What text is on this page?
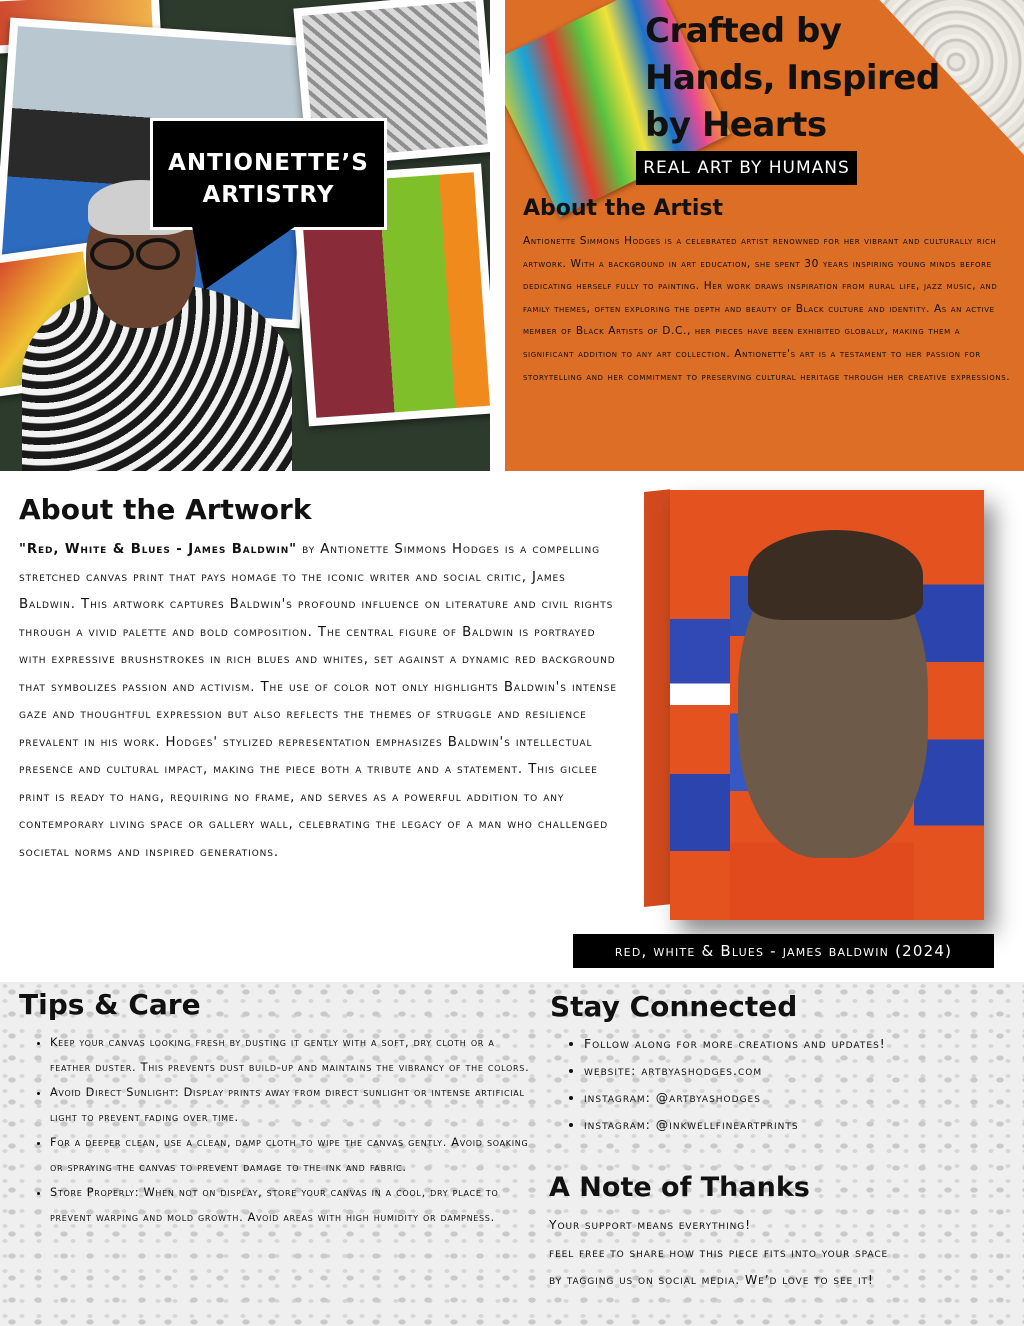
ANTIONETTE’S
ARTISTRY
Crafted by Hands, Inspired by Hearts
REAL ART BY HUMANS
About the Artist
Antionette Simmons Hodges is a celebrated artist renowned for her vibrant and culturally rich artwork. With a background in art education, she spent 30 years inspiring young minds before dedicating herself fully to painting. Her work draws inspiration from rural life, jazz music, and family themes, often exploring the depth and beauty of Black culture and identity. As an active member of Black Artists of D.C., her pieces have been exhibited globally, making them a significant addition to any art collection. Antionette's art is a testament to her passion for storytelling and her commitment to preserving cultural heritage through her creative expressions.
About the Artwork
"Red, White & Blues - James Baldwin" by Antionette Simmons Hodges is a compelling stretched canvas print that pays homage to the iconic writer and social critic, James Baldwin. This artwork captures Baldwin's profound influence on literature and civil rights through a vivid palette and bold composition. The central figure of Baldwin is portrayed with expressive brushstrokes in rich blues and whites, set against a dynamic red background that symbolizes passion and activism. The use of color not only highlights Baldwin's intense gaze and thoughtful expression but also reflects the themes of struggle and resilience prevalent in his work. Hodges' stylized representation emphasizes Baldwin's intellectual presence and cultural impact, making the piece both a tribute and a statement. This giclee print is ready to hang, requiring no frame, and serves as a powerful addition to any contemporary living space or gallery wall, celebrating the legacy of a man who challenged societal norms and inspired generations.
red, white & Blues - james baldwin (2024)
Tips & Care
• Keep your canvas looking fresh by dusting it gently with a soft, dry cloth or a feather duster. This prevents dust build-up and maintains the vibrancy of the colors.
• Avoid Direct Sunlight: Display prints away from direct sunlight or intense artificial light to prevent fading over time.
• For a deeper clean, use a clean, damp cloth to wipe the canvas gently. Avoid soaking or spraying the canvas to prevent damage to the ink and fabric.
• Store Properly: When not on display, store your canvas in a cool, dry place to prevent warping and mold growth. Avoid areas with high humidity or dampness.
Stay Connected
• Follow along for more creations and updates!
• website: artbyashodges.com
• instagram: @artbyashodges
• instagram: @inkwellfineartprints
A Note of Thanks
Your support means everything!
feel free to share how this piece fits into your space
by tagging us on social media. We’d love to see it!
